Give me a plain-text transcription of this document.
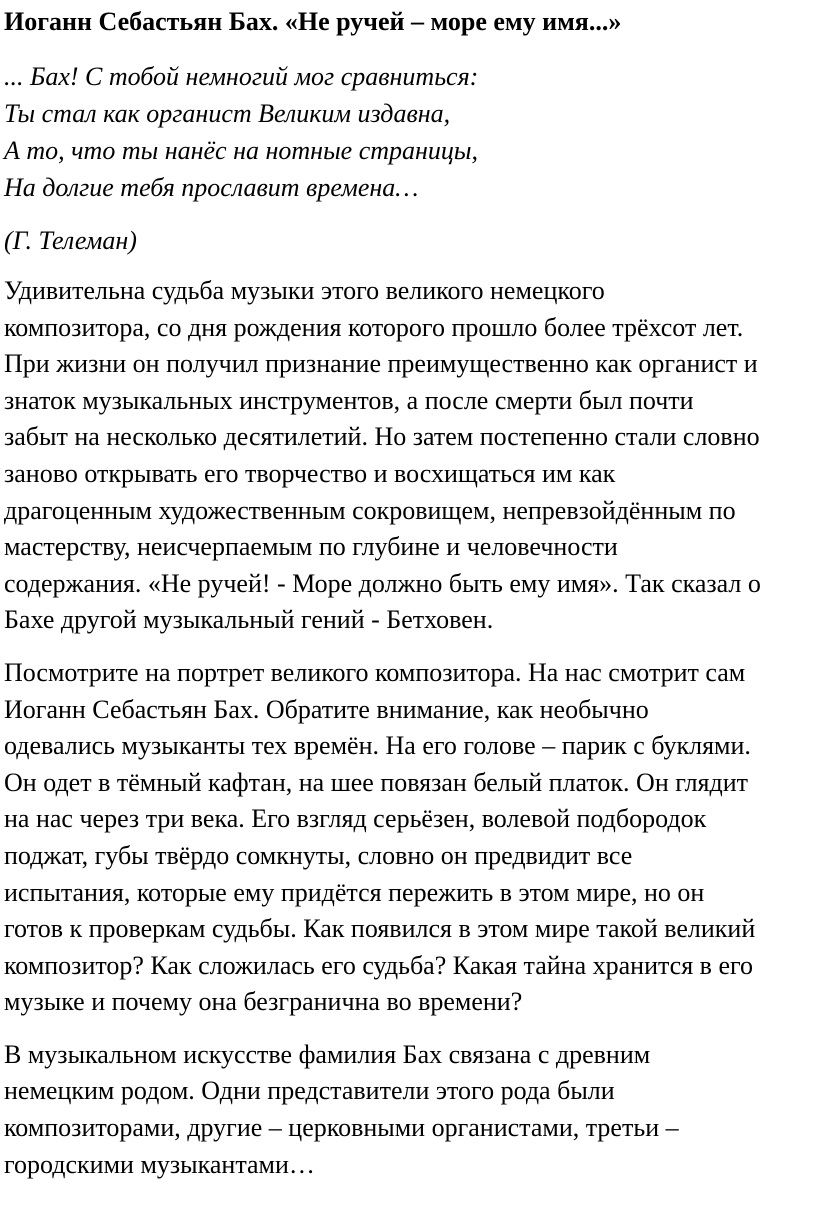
Иоганн Себастьян Бах. «Не ручей – море ему имя...»
... Бах! С тобой немногий мог сравниться:
Ты стал как органист Великим издавна,
А то, что ты нанёс на нотные страницы,
На долгие тебя прославит времена…
(Г. Телеман)
Удивительна судьба музыки этого великого немецкого
композитора, со дня рождения которого прошло более трёхсот лет.
При жизни он получил признание преимущественно как органист и
знаток музыкальных инструментов, а после смерти был почти
забыт на несколько десятилетий. Но затем постепенно стали словно
заново открывать его творчество и восхищаться им как
драгоценным художественным сокровищем, непревзойдённым по
мастерству, неисчерпаемым по глубине и человечности
содержания. «Не ручей! - Море должно быть ему имя». Так сказал о
Бахе другой музыкальный гений - Бетховен.
Посмотрите на портрет великого композитора. На нас смотрит сам
Иоганн Себастьян Бах. Обратите внимание, как необычно
одевались музыканты тех времён. На его голове – парик с буклями.
Он одет в тёмный кафтан, на шее повязан белый платок. Он глядит
на нас через три века. Его взгляд серьёзен, волевой подбородок
поджат, губы твёрдо сомкнуты, словно он предвидит все
испытания, которые ему придётся пережить в этом мире, но он
готов к проверкам судьбы. Как появился в этом мире такой великий
композитор? Как сложилась его судьба? Какая тайна хранится в его
музыке и почему она безгранична во времени?
В музыкальном искусстве фамилия Бах связана с древним
немецким родом. Одни представители этого рода были
композиторами, другие – церковными органистами, третьи –
городскими музыкантами…
